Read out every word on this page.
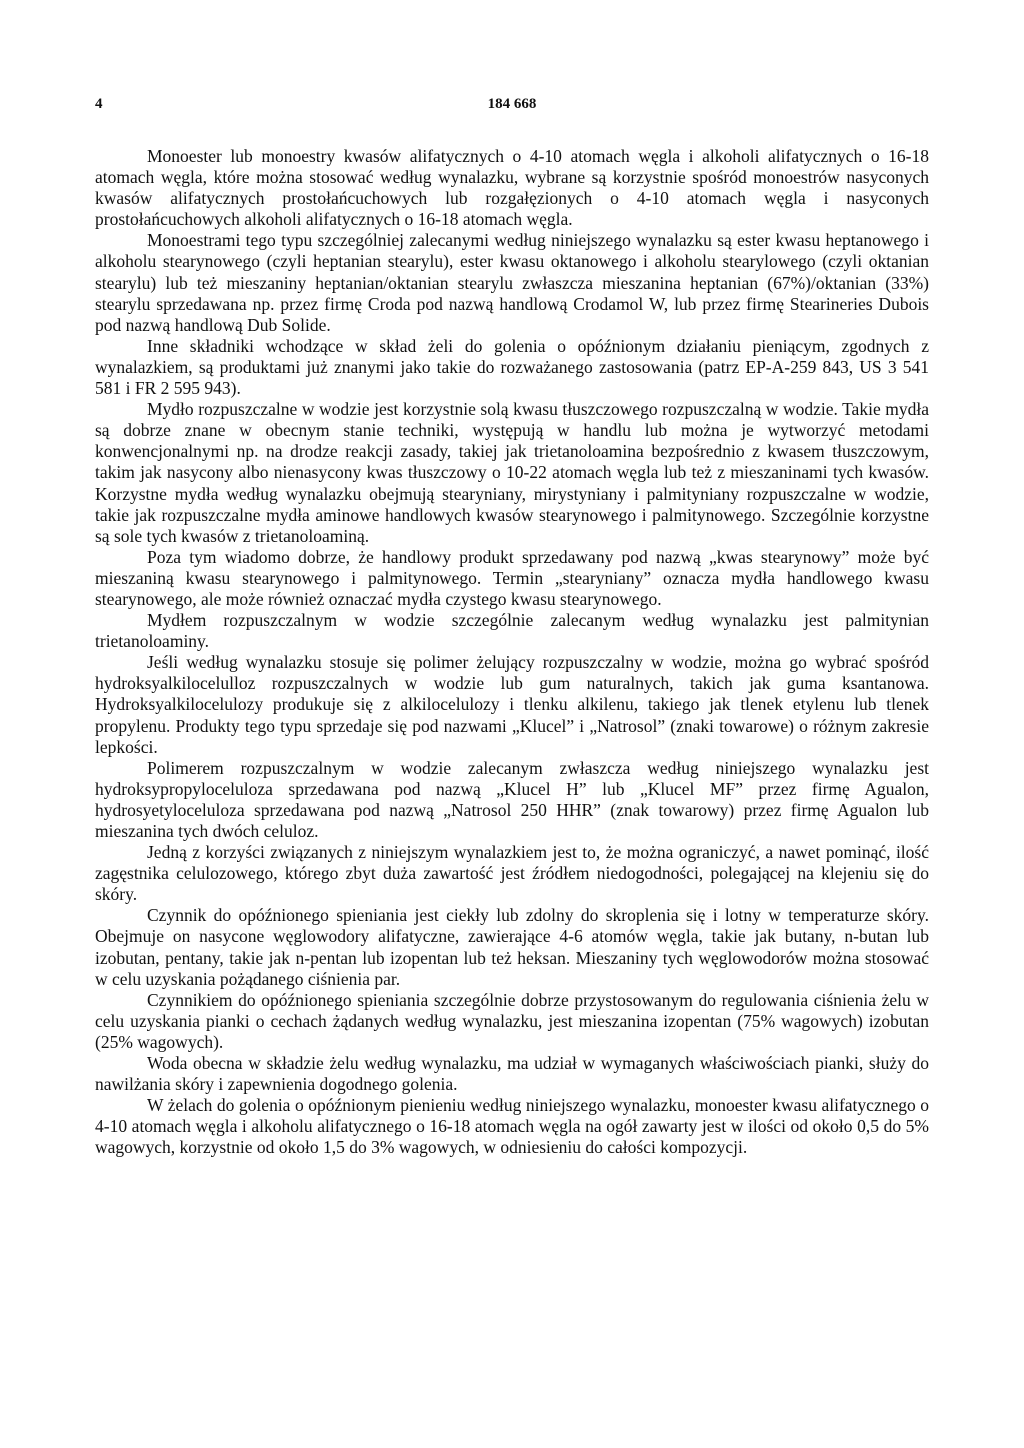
4	184 668

Monoester lub monoestry kwasów alifatycznych o 4-10 atomach węgla i alkoholi alifatycznych o 16-18 atomach węgla, które można stosować według wynalazku, wybrane są korzystnie spośród monoestrów nasyconych kwasów alifatycznych prostołańcuchowych lub rozgałęzionych o 4-10 atomach węgla i nasyconych prostołańcuchowych alkoholi alifatycznych o 16-18 atomach węgla.

Monoestrami tego typu szczególniej zalecanymi według niniejszego wynalazku są ester kwasu heptanowego i alkoholu stearynowego (czyli heptanian stearylu), ester kwasu oktanowego i alkoholu stearylowego (czyli oktanian stearylu) lub też mieszaniny heptanian/oktanian stearylu zwłaszcza mieszanina heptanian (67%)/oktanian (33%) stearylu sprzedawana np. przez firmę Croda pod nazwą handlową Crodamol W, lub przez firmę Stearineries Dubois pod nazwą handlową Dub Solide.

Inne składniki wchodzące w skład żeli do golenia o opóźnionym działaniu pieniącym, zgodnych z wynalazkiem, są produktami już znanymi jako takie do rozważanego zastosowania (patrz EP-A-259 843, US 3 541 581 i FR 2 595 943).

Mydło rozpuszczalne w wodzie jest korzystnie solą kwasu tłuszczowego rozpuszczalną w wodzie. Takie mydła są dobrze znane w obecnym stanie techniki, występują w handlu lub można je wytworzyć metodami konwencjonalnymi np. na drodze reakcji zasady, takiej jak trietanoloamina bezpośrednio z kwasem tłuszczowym, takim jak nasycony albo nienasycony kwas tłuszczowy o 10-22 atomach węgla lub też z mieszaninami tych kwasów. Korzystne mydła według wynalazku obejmują stearyniany, mirystyniany i palmityniany rozpuszczalne w wodzie, takie jak rozpuszczalne mydła aminowe handlowych kwasów stearynowego i palmitynowego. Szczególnie korzystne są sole tych kwasów z trietanoloaminą.

Poza tym wiadomo dobrze, że handlowy produkt sprzedawany pod nazwą „kwas stearynowy” może być mieszaniną kwasu stearynowego i palmitynowego. Termin „stearyniany” oznacza mydła handlowego kwasu stearynowego, ale może również oznaczać mydła czystego kwasu stearynowego.

Mydłem rozpuszczalnym w wodzie szczególnie zalecanym według wynalazku jest palmitynian trietanoloaminy.

Jeśli według wynalazku stosuje się polimer żelujący rozpuszczalny w wodzie, można go wybrać spośród hydroksyalkilocelulloz rozpuszczalnych w wodzie lub gum naturalnych, takich jak guma ksantanowa. Hydroksyalkilocelulozy produkuje się z alkilocelulozy i tlenku alkilenu, takiego jak tlenek etylenu lub tlenek propylenu. Produkty tego typu sprzedaje się pod nazwami „Klucel” i „Natrosol” (znaki towarowe) o różnym zakresie lepkości.

Polimerem rozpuszczalnym w wodzie zalecanym zwłaszcza według niniejszego wynalazku jest hydroksypropyloceluloza sprzedawana pod nazwą „Klucel H” lub „Klucel MF” przez firmę Agualon, hydrosyetyloceluloza sprzedawana pod nazwą „Natrosol 250 HHR” (znak towarowy) przez firmę Agualon lub mieszanina tych dwóch celuloz.

Jedną z korzyści związanych z niniejszym wynalazkiem jest to, że można ograniczyć, a nawet pominąć, ilość zagęstnika celulozowego, którego zbyt duża zawartość jest źródłem niedogodności, polegającej na klejeniu się do skóry.

Czynnik do opóźnionego spieniania jest ciekły lub zdolny do skroplenia się i lotny w temperaturze skóry. Obejmuje on nasycone węglowodory alifatyczne, zawierające 4-6 atomów węgla, takie jak butany, n-butan lub izobutan, pentany, takie jak n-pentan lub izopentan lub też heksan. Mieszaniny tych węglowodorów można stosować w celu uzyskania pożądanego ciśnienia par.

Czynnikiem do opóźnionego spieniania szczególnie dobrze przystosowanym do regulowania ciśnienia żelu w celu uzyskania pianki o cechach żądanych według wynalazku, jest mieszanina izopentan (75% wagowych) izobutan (25% wagowych).

Woda obecna w składzie żelu według wynalazku, ma udział w wymaganych właściwościach pianki, służy do nawilżania skóry i zapewnienia dogodnego golenia.

W żelach do golenia o opóźnionym pienieniu według niniejszego wynalazku, monoester kwasu alifatycznego o 4-10 atomach węgla i alkoholu alifatycznego o 16-18 atomach węgla na ogół zawarty jest w ilości od około 0,5 do 5% wagowych, korzystnie od około 1,5 do 3% wagowych, w odniesieniu do całości kompozycji.
